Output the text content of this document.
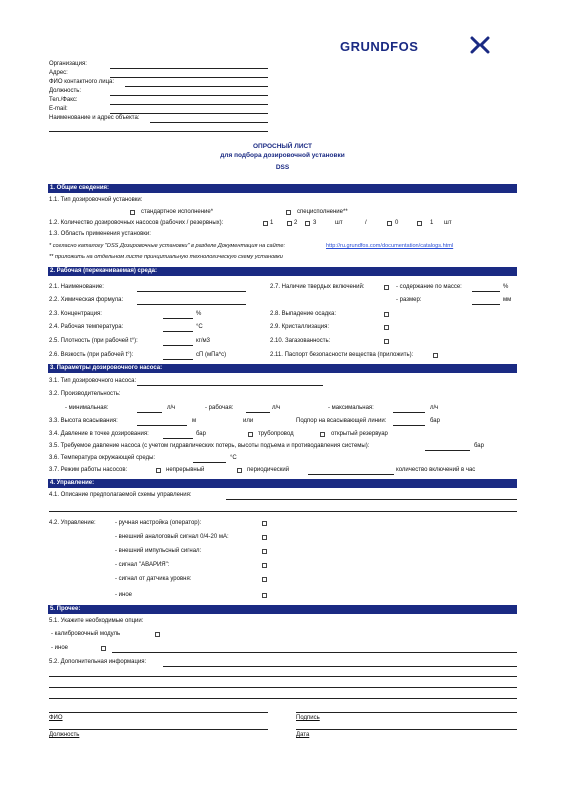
GRUNDFOS
Организация:
Адрес:
ФИО контактного лица:
Должность:
Тел./Факс:
E-mail:
Наименование и адрес объекта:
ОПРОСНЫЙ ЛИСТ
для подбора дозировочной установки
DSS
1. Общие сведения:
1.1. Тип дозировочной установки:
стандартное исполнение*	специсполнение**
1.2. Количество дозировочных насосов (рабочих / резервных):	1	2	3	шт	/	0	1 шт
1.3. Область применения установки:
* согласно каталогу "DSS Дозировочные установки" в разделе Документация на сайте:	http://ru.grundfos.com/documentation/catalogs.html
** приложить на отдельном листе принципиальную технологическую схему установки
2. Рабочая (перекачиваемая) среда:
2.1. Наименование:
2.2. Химическая формула:
2.3. Концентрация:	%
2.4. Рабочая температура:	°C
2.5. Плотность (при рабочей t°):	кг/м3
2.6. Вязкость (при рабочей t°):	сП (мПа*с)
2.7. Наличие твердых включений:	- содержание по массе:	%
- размер:	мм
2.8. Выпадение осадка:
2.9. Кристаллизация:
2.10. Загазованность:
2.11. Паспорт безопасности вещества (приложить):
3. Параметры дозировочного насоса:
3.1. Тип дозировочного насоса:
3.2. Производительность:
- минимальная:	л/ч	- рабочая:	л/ч	- максимальная:	л/ч
3.3. Высота всасывания:	м	или	Подпор на всасывающей линии:	бар
3.4. Давление в точке дозирования:	бар	трубопровод	открытый резервуар
3.5. Требуемое давление насоса (с учетом гидравлических потерь, высоты подъема и противодавления системы):	бар
3.6. Температура окружающей среды:	°C
3.7. Режим работы насосов:	непрерывный	периодический	количество включений в час
4. Управление:
4.1. Описание предполагаемой схемы управления:
4.2. Управление:	- ручная настройка (оператор):
- внешний аналоговый сигнал 0/4-20 мА:
- внешний импульсный сигнал:
- сигнал "АВАРИЯ":
- сигнал от датчика уровня:
- иное
5. Прочее:
5.1. Укажите необходимые опции:
- калибровочный модуль
- иное
5.2. Дополнительная информация:
ФИО	Подпись
Должность	Дата
